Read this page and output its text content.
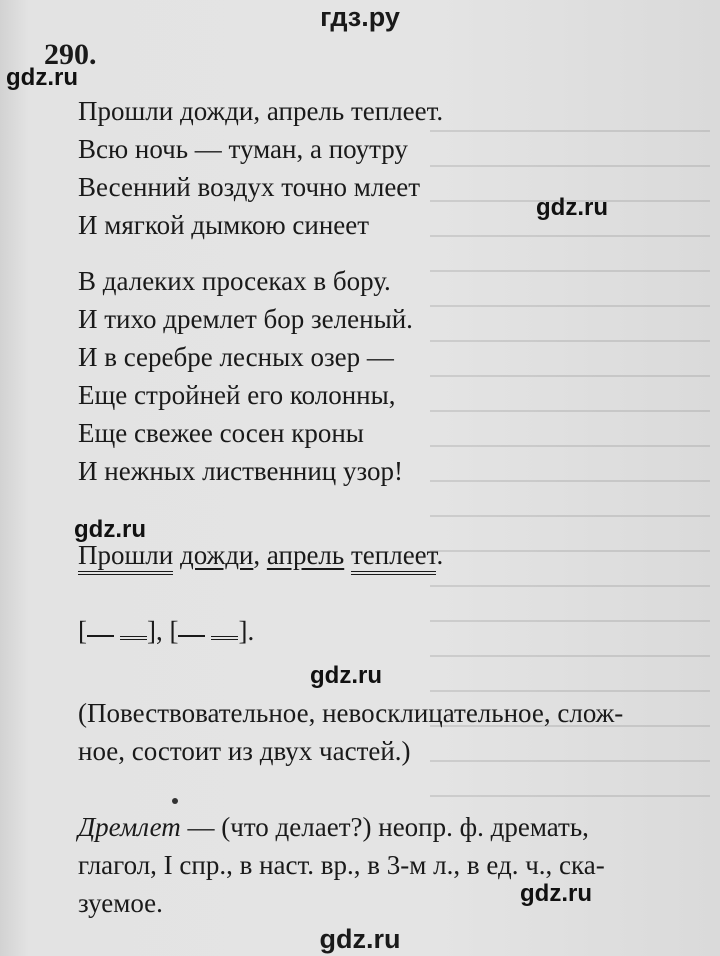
гдз.ру
290.
gdz.ru
Прошли дожди, апрель теплеет.
Всю ночь — туман, а поутру
Весенний воздух точно млеет
И мягкой дымкою синеет
gdz.ru
В далеких просеках в бору.
И тихо дремлет бор зеленый.
И в серебре лесных озер —
Еще стройней его колонны,
Еще свежее сосен кроны
И нежных лиственниц узор!
gdz.ru
Прошли дожди, апрель теплеет.
[ ], [ ].
gdz.ru
(Повествовательное, невосклицательное, слож-
ное, состоит из двух частей.)
Дремлет — (что делает?) неопр. ф. дремать,
глагол, I спр., в наст. вр., в 3-м л., в ед. ч., ска-
зуемое.	gdz.ru
gdz.ru
